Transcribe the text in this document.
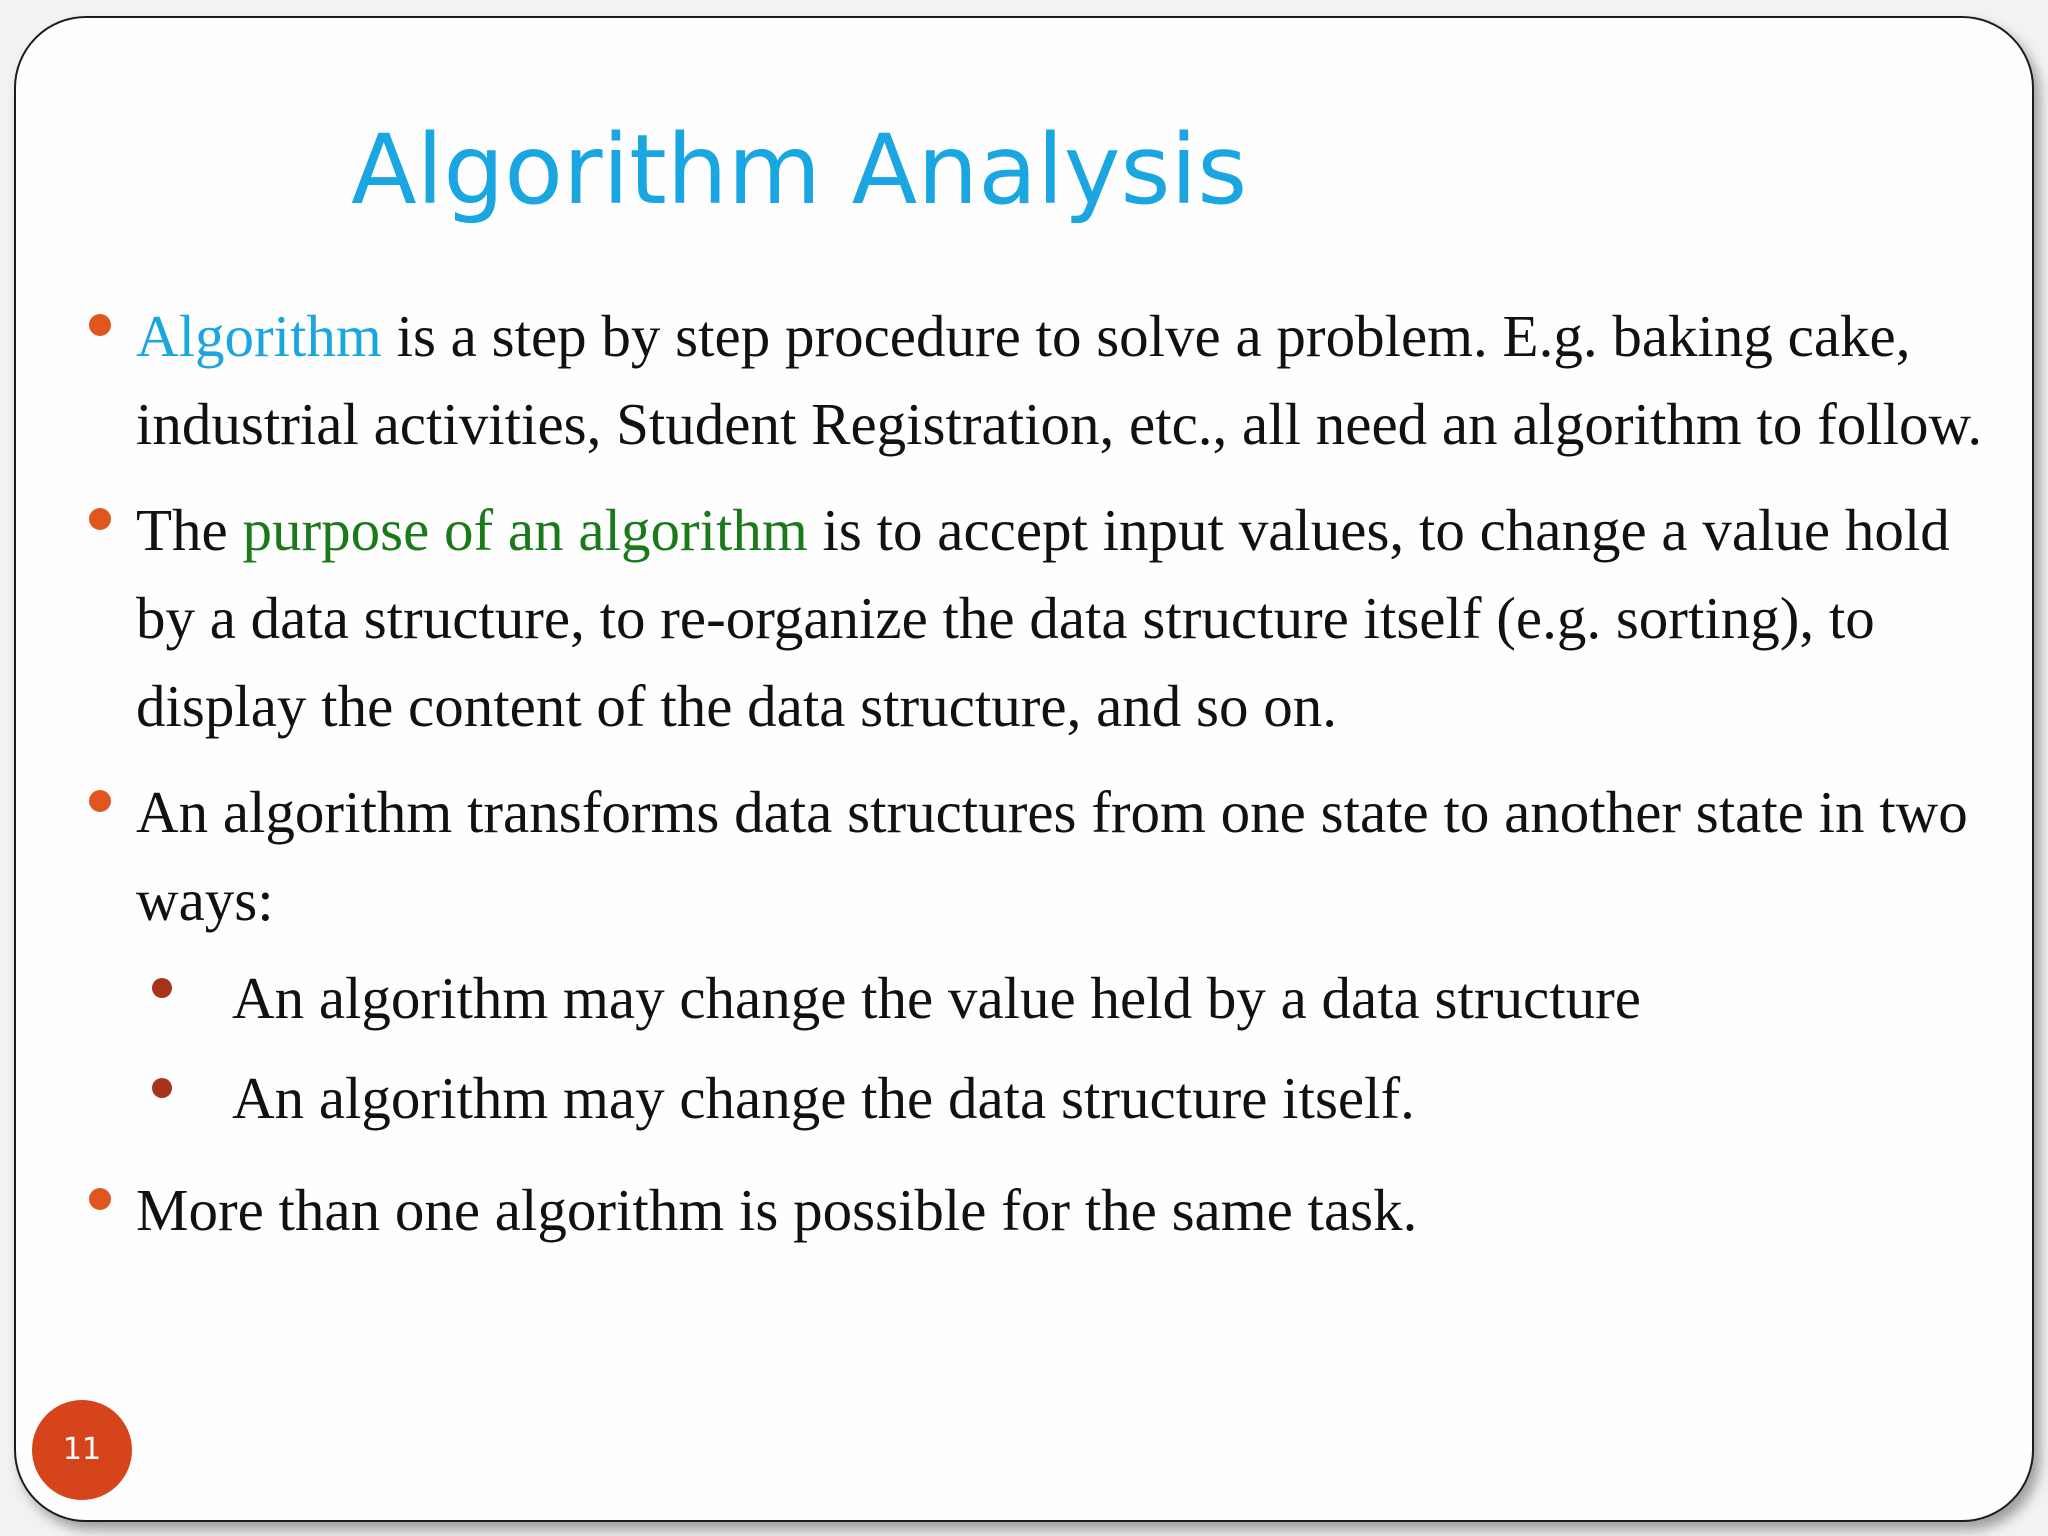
Algorithm Analysis
Algorithm is a step by step procedure to solve a problem. E.g. baking cake, industrial activities, Student Registration, etc., all need an algorithm to follow.
The purpose of an algorithm is to accept input values, to change a value hold by a data structure, to re-organize the data structure itself (e.g. sorting), to display the content of the data structure, and so on.
An algorithm transforms data structures from one state to another state in two ways:
An algorithm may change the value held by a data structure
An algorithm may change the data structure itself.
More than one algorithm is possible for the same task.
11
